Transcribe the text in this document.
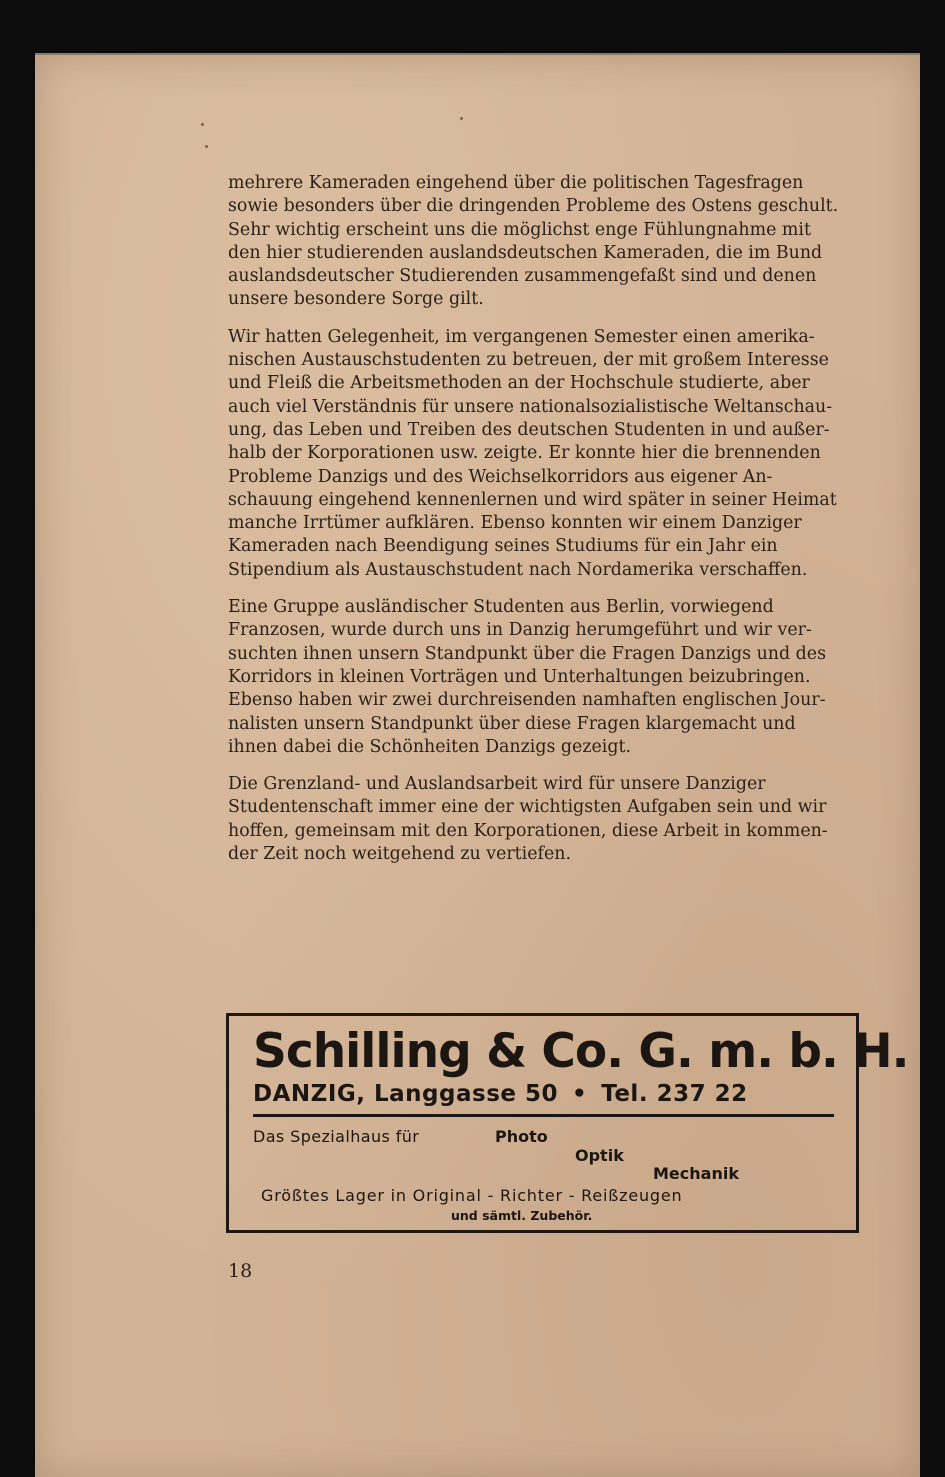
mehrere Kameraden eingehend über die politischen Tagesfragen
sowie besonders über die dringenden Probleme des Ostens geschult.
Sehr wichtig erscheint uns die möglichst enge Fühlungnahme mit
den hier studierenden auslandsdeutschen Kameraden, die im Bund
auslandsdeutscher Studierenden zusammengefaßt sind und denen
unsere besondere Sorge gilt.

Wir hatten Gelegenheit, im vergangenen Semester einen amerika-
nischen Austauschstudenten zu betreuen, der mit großem Interesse
und Fleiß die Arbeitsmethoden an der Hochschule studierte, aber
auch viel Verständnis für unsere nationalsozialistische Weltanschau-
ung, das Leben und Treiben des deutschen Studenten in und außer-
halb der Korporationen usw. zeigte. Er konnte hier die brennenden
Probleme Danzigs und des Weichselkorridors aus eigener An-
schauung eingehend kennenlernen und wird später in seiner Heimat
manche Irrtümer aufklären. Ebenso konnten wir einem Danziger
Kameraden nach Beendigung seines Studiums für ein Jahr ein
Stipendium als Austauschstudent nach Nordamerika verschaffen.

Eine Gruppe ausländischer Studenten aus Berlin, vorwiegend
Franzosen, wurde durch uns in Danzig herumgeführt und wir ver-
suchten ihnen unsern Standpunkt über die Fragen Danzigs und des
Korridors in kleinen Vorträgen und Unterhaltungen beizubringen.
Ebenso haben wir zwei durchreisenden namhaften englischen Jour-
nalisten unsern Standpunkt über diese Fragen klargemacht und
ihnen dabei die Schönheiten Danzigs gezeigt.

Die Grenzland- und Auslandsarbeit wird für unsere Danziger
Studentenschaft immer eine der wichtigsten Aufgaben sein und wir
hoffen, gemeinsam mit den Korporationen, diese Arbeit in kommen-
der Zeit noch weitgehend zu vertiefen.

Schilling & Co. G. m. b. H.
DANZIG, Langgasse 50 • Tel. 237 22
Das Spezialhaus für	Photo
Optik
Mechanik
Größtes Lager in Original - Richter - Reißzeugen
und sämtl. Zubehör.
18
